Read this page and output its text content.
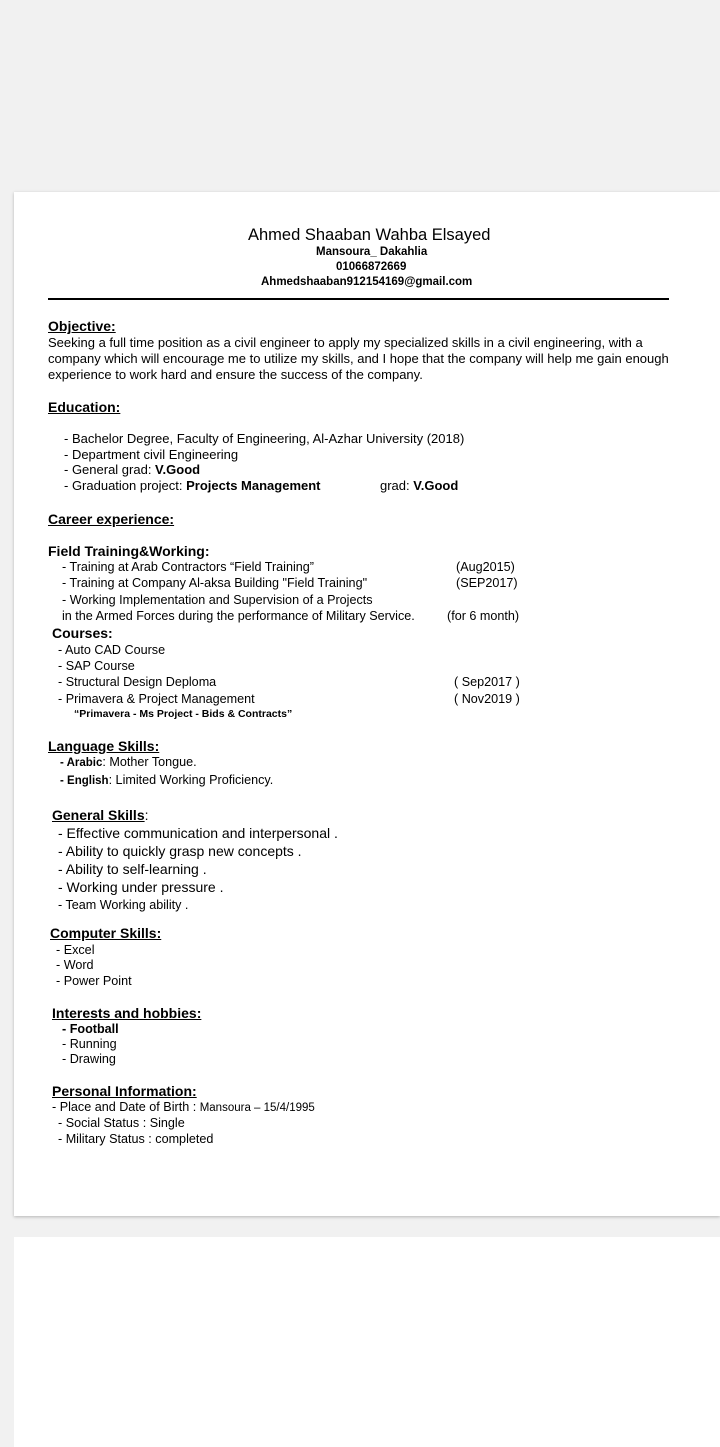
Ahmed Shaaban Wahba Elsayed
Mansoura_ Dakahlia
01066872669
Ahmedshaaban912154169@gmail.com
Objective:
Seeking a full time position as a civil engineer to apply my specialized skills in a civil engineering, with a company which will encourage me to utilize my skills, and I hope that the company will help me gain enough experience to work hard and ensure the success of the company.
Education:
- Bachelor Degree, Faculty of Engineering, Al-Azhar University (2018)
- Department civil Engineering
- General grad: V.Good
- Graduation project: Projects Management	grad: V.Good
Career experience:
Field Training&Working:
- Training at Arab Contractors “Field Training”	(Aug2015)
- Training at Company Al-aksa Building "Field Training"	(SEP2017)
- Working Implementation and Supervision of a Projects
in the Armed Forces during the performance of Military Service.	(for 6 month)
Courses:
- Auto CAD Course
- SAP Course
- Structural Design Deploma	( Sep2017 )
- Primavera & Project Management	( Nov2019 )
“Primavera - Ms Project - Bids & Contracts”
Language Skills:
- Arabic: Mother Tongue.
- English: Limited Working Proficiency.
General Skills:
- Effective communication and interpersonal .
- Ability to quickly grasp new concepts .
- Ability to self-learning .
- Working under pressure .
- Team Working ability .
Computer Skills:
- Excel
- Word
- Power Point
Interests and hobbies:
- Football
- Running
- Drawing
Personal Information:
- Place and Date of Birth : Mansoura – 15/4/1995
- Social Status : Single
- Military Status : completed
